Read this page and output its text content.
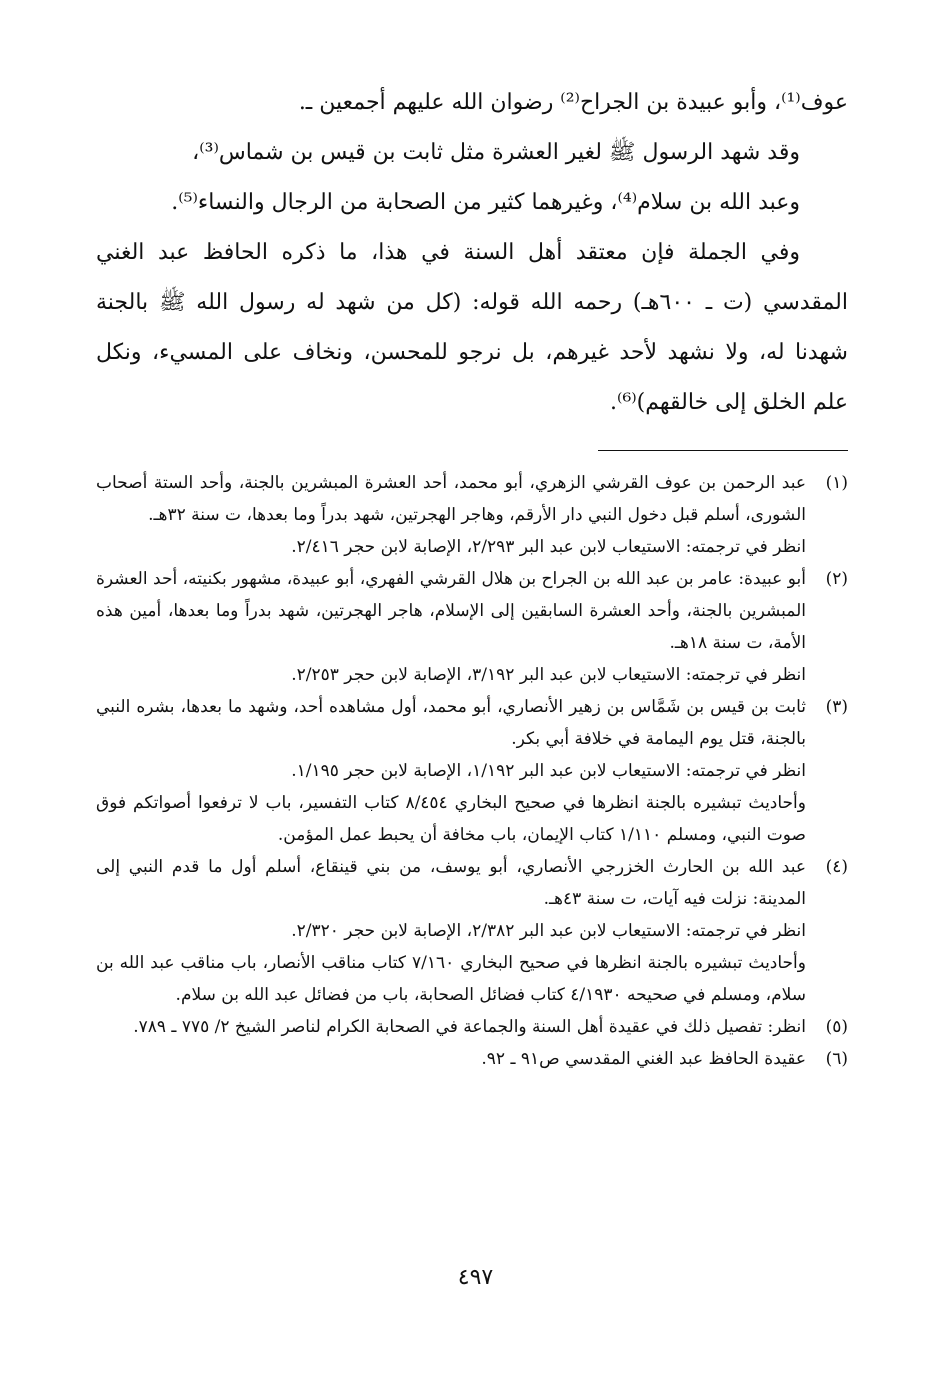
عوف⁽¹⁾، وأبو عبيدة بن الجراح⁽²⁾ رضوان الله عليهم أجمعين ـ.

وقد شهد الرسول ﷺ لغير العشرة مثل ثابت بن قيس بن شماس⁽³⁾،

وعبد الله بن سلام⁽⁴⁾، وغيرهما كثير من الصحابة من الرجال والنساء⁽⁵⁾.

وفي الجملة فإن معتقد أهل السنة في هذا، ما ذكره الحافظ عبد الغني المقدسي (ت ـ ٦٠٠هـ) رحمه الله قوله: (كل من شهد له رسول الله ﷺ بالجنة شهدنا له، ولا نشهد لأحد غيرهم، بل نرجو للمحسن، ونخاف على المسيء، ونكل علم الخلق إلى خالقهم)⁽⁶⁾.

(١)

عبد الرحمن بن عوف القرشي الزهري، أبو محمد، أحد العشرة المبشرين بالجنة، وأحد الستة أصحاب الشورى، أسلم قبل دخول النبي دار الأرقم، وهاجر الهجرتين، شهد بدراً وما بعدها، ت سنة ٣٢هـ.

انظر في ترجمته: الاستيعاب لابن عبد البر ٢/٢٩٣، الإصابة لابن حجر ٢/٤١٦.

(٢)

أبو عبيدة: عامر بن عبد الله بن الجراح بن هلال القرشي الفهري، أبو عبيدة، مشهور بكنيته، أحد العشرة المبشرين بالجنة، وأحد العشرة السابقين إلى الإسلام، هاجر الهجرتين، شهد بدراً وما بعدها، أمين هذه الأمة، ت سنة ١٨هـ.

انظر في ترجمته: الاستيعاب لابن عبد البر ٣/١٩٢، الإصابة لابن حجر ٢/٢٥٣.

(٣)

ثابت بن قيس بن شَمَّاس بن زهير الأنصاري، أبو محمد، أول مشاهده أحد، وشهد ما بعدها، بشره النبي بالجنة، قتل يوم اليمامة في خلافة أبي بكر.

انظر في ترجمته: الاستيعاب لابن عبد البر ١/١٩٢، الإصابة لابن حجر ١/١٩٥.

وأحاديث تبشيره بالجنة انظرها في صحيح البخاري ٨/٤٥٤ كتاب التفسير، باب لا ترفعوا أصواتكم فوق صوت النبي، ومسلم ١/١١٠ كتاب الإيمان، باب مخافة أن يحبط عمل المؤمن.

(٤)

عبد الله بن الحارث الخزرجي الأنصاري، أبو يوسف، من بني قينقاع، أسلم أول ما قدم النبي إلى المدينة: نزلت فيه آيات، ت سنة ٤٣هـ.

انظر في ترجمته: الاستيعاب لابن عبد البر ٢/٣٨٢، الإصابة لابن حجر ٢/٣٢٠.

وأحاديث تبشيره بالجنة انظرها في صحيح البخاري ٧/١٦٠ كتاب مناقب الأنصار، باب مناقب عبد الله بن سلام، ومسلم في صحيحه ٤/١٩٣٠ كتاب فضائل الصحابة، باب من فضائل عبد الله بن سلام.

(٥)

انظر: تفصيل ذلك في عقيدة أهل السنة والجماعة في الصحابة الكرام لناصر الشيخ ٢/ ٧٧٥ ـ ٧٨٩.

(٦)

عقيدة الحافظ عبد الغني المقدسي ص٩١ ـ ٩٢.

٤٩٧
